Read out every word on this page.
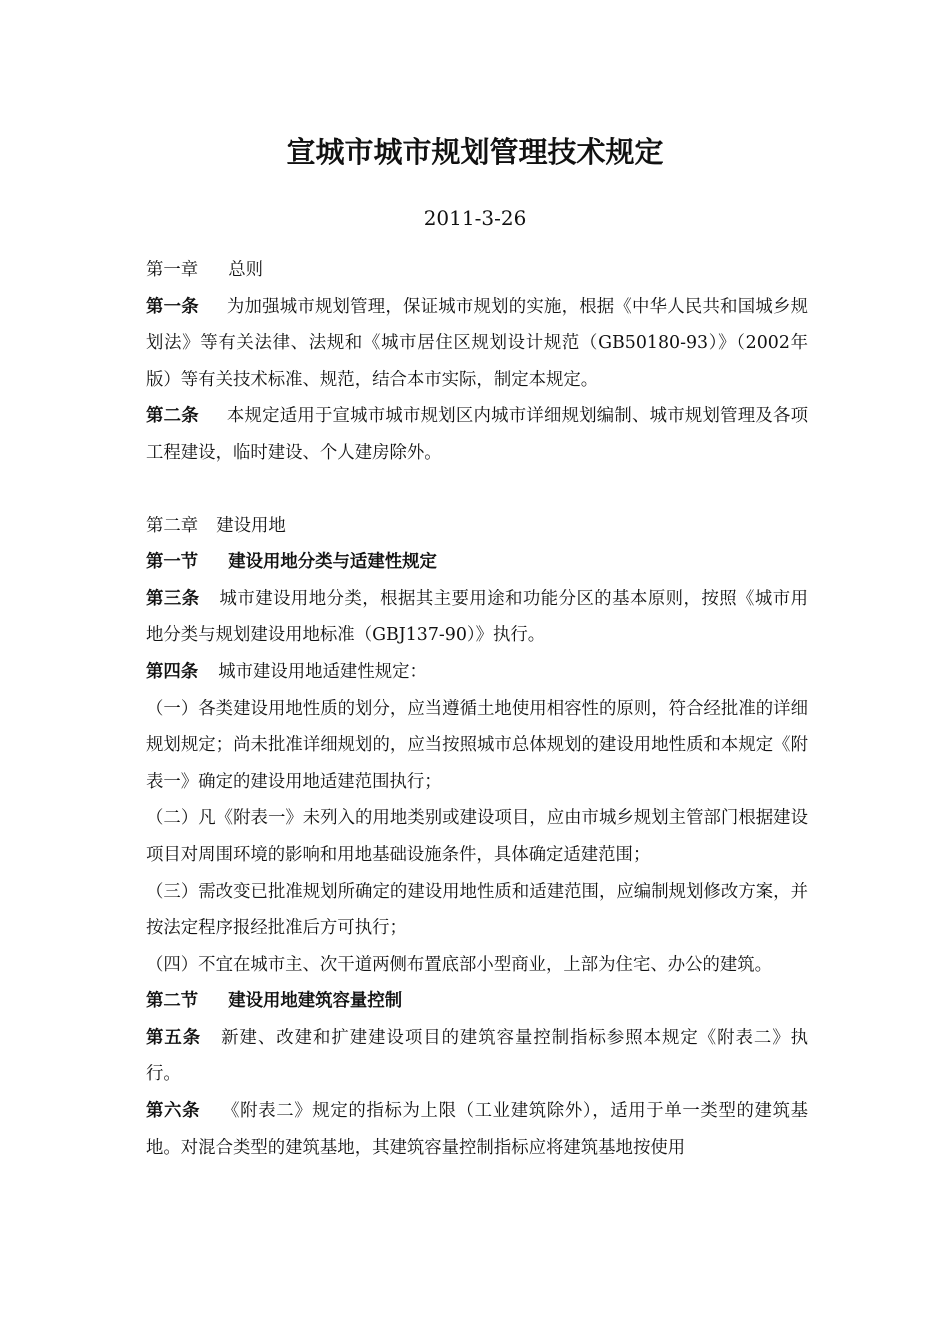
宣城市城市规划管理技术规定
2011-3-26

第一章 总则

第一条 为加强城市规划管理，保证城市规划的实施，根据《中华人民共和国城乡规划法》等有关法律、法规和《城市居住区规划设计规范（GB50180-93）》（2002年版）等有关技术标准、规范，结合本市实际，制定本规定。

第二条 本规定适用于宣城市城市规划区内城市详细规划编制、城市规划管理及各项工程建设，临时建设、个人建房除外。

第二章 建设用地

第一节 建设用地分类与适建性规定

第三条 城市建设用地分类，根据其主要用途和功能分区的基本原则，按照《城市用地分类与规划建设用地标准（GBJ137-90）》执行。

第四条 城市建设用地适建性规定：

（一）各类建设用地性质的划分，应当遵循土地使用相容性的原则，符合经批准的详细规划规定；尚未批准详细规划的，应当按照城市总体规划的建设用地性质和本规定《附表一》确定的建设用地适建范围执行；

（二）凡《附表一》未列入的用地类别或建设项目，应由市城乡规划主管部门根据建设项目对周围环境的影响和用地基础设施条件，具体确定适建范围；

（三）需改变已批准规划所确定的建设用地性质和适建范围，应编制规划修改方案，并按法定程序报经批准后方可执行；

（四）不宜在城市主、次干道两侧布置底部小型商业，上部为住宅、办公的建筑。

第二节 建设用地建筑容量控制

第五条 新建、改建和扩建建设项目的建筑容量控制指标参照本规定《附表二》执行。

第六条 《附表二》规定的指标为上限（工业建筑除外），适用于单一类型的建筑基地。对混合类型的建筑基地，其建筑容量控制指标应将建筑基地按使用
